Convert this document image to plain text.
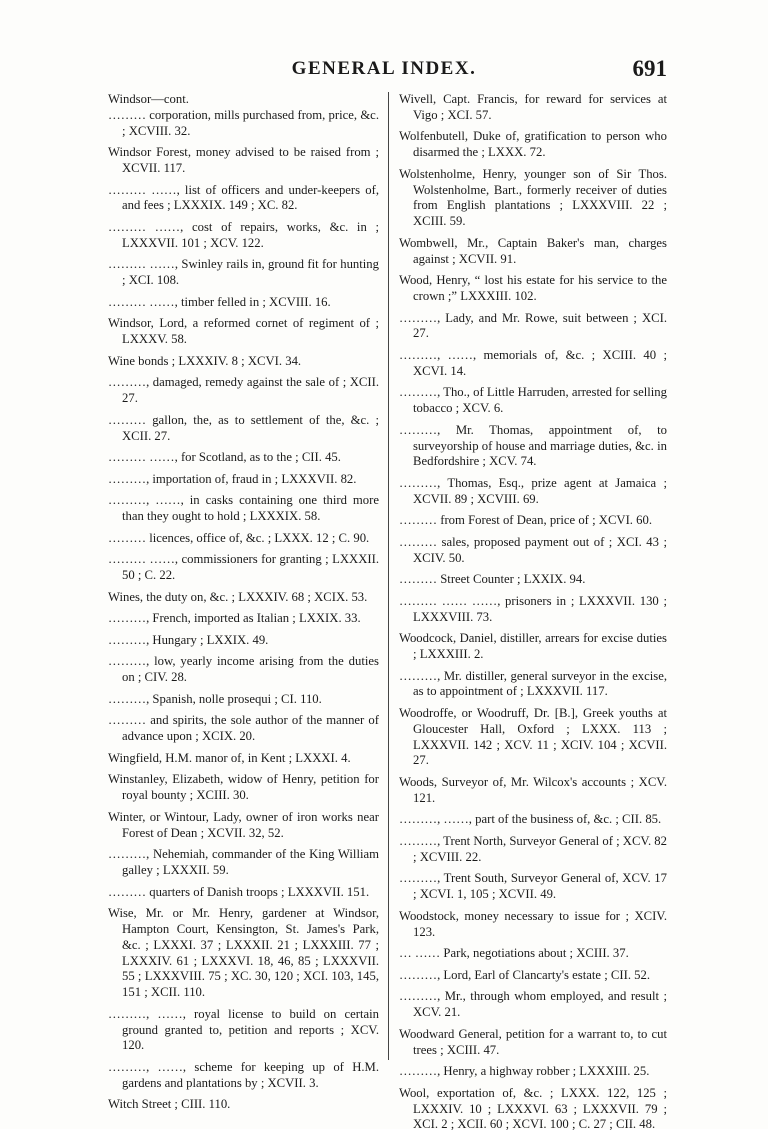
GENERAL INDEX.	691

Windsor—cont.

……… corporation, mills purchased from, price, &c. ; XCVIII. 32.

Windsor Forest, money advised to be raised from ; XCVII. 117.

……… ……, list of officers and under-keepers of, and fees ; LXXXIX. 149 ; XC. 82.

……… ……, cost of repairs, works, &c. in ; LXXXVII. 101 ; XCV. 122.

……… ……, Swinley rails in, ground fit for hunting ; XCI. 108.

……… ……, timber felled in ; XCVIII. 16.

Windsor, Lord, a reformed cornet of regiment of ; LXXXV. 58.

Wine bonds ; LXXXIV. 8 ; XCVI. 34.

………, damaged, remedy against the sale of ; XCII. 27.

……… gallon, the, as to settlement of the, &c. ; XCII. 27.

……… ……, for Scotland, as to the ; CII. 45.

………, importation of, fraud in ; LXXXVII. 82.

………, ……, in casks containing one third more than they ought to hold ; LXXXIX. 58.

……… licences, office of, &c. ; LXXX. 12 ; C. 90.

……… ……, commissioners for granting ; LXXXII. 50 ; C. 22.

Wines, the duty on, &c. ; LXXXIV. 68 ; XCIX. 53.

………, French, imported as Italian ; LXXIX. 33.

………, Hungary ; LXXIX. 49.

………, low, yearly income arising from the duties on ; CIV. 28.

………, Spanish, nolle prosequi ; CI. 110.

……… and spirits, the sole author of the manner of advance upon ; XCIX. 20.

Wingfield, H.M. manor of, in Kent ; LXXXI. 4.

Winstanley, Elizabeth, widow of Henry, petition for royal bounty ; XCIII. 30.

Winter, or Wintour, Lady, owner of iron works near Forest of Dean ; XCVII. 32, 52.

………, Nehemiah, commander of the King William galley ; LXXXII. 59.

……… quarters of Danish troops ; LXXXVII. 151.

Wise, Mr. or Mr. Henry, gardener at Windsor, Hampton Court, Kensington, St. James's Park, &c. ; LXXXI. 37 ; LXXXII. 21 ; LXXXIII. 77 ; LXXXIV. 61 ; LXXXVI. 18, 46, 85 ; LXXXVII. 55 ; LXXXVIII. 75 ; XC. 30, 120 ; XCI. 103, 145, 151 ; XCII. 110.

………, ……, royal license to build on certain ground granted to, petition and reports ; XCV. 120.

………, ……, scheme for keeping up of H.M. gardens and plantations by ; XCVII. 3.

Witch Street ; CIII. 110.

Wivell, Capt. Francis, for reward for services at Vigo ; XCI. 57.

Wolfenbutell, Duke of, gratification to person who disarmed the ; LXXX. 72.

Wolstenholme, Henry, younger son of Sir Thos. Wolstenholme, Bart., formerly receiver of duties from English plantations ; LXXXVIII. 22 ; XCIII. 59.

Wombwell, Mr., Captain Baker's man, charges against ; XCVII. 91.

Wood, Henry, “ lost his estate for his service to the crown ;” LXXXIII. 102.

………, Lady, and Mr. Rowe, suit between ; XCI. 27.

………, ……, memorials of, &c. ; XCIII. 40 ; XCVI. 14.

………, Tho., of Little Harruden, arrested for selling tobacco ; XCV. 6.

………, Mr. Thomas, appointment of, to surveyorship of house and marriage duties, &c. in Bedfordshire ; XCV. 74.

………, Thomas, Esq., prize agent at Jamaica ; XCVII. 89 ; XCVIII. 69.

……… from Forest of Dean, price of ; XCVI. 60.

……… sales, proposed payment out of ; XCI. 43 ; XCIV. 50.

……… Street Counter ; LXXIX. 94.

……… …… ……, prisoners in ; LXXXVII. 130 ; LXXXVIII. 73.

Woodcock, Daniel, distiller, arrears for excise duties ; LXXXIII. 2.

………, Mr. distiller, general surveyor in the excise, as to appointment of ; LXXXVII. 117.

Woodroffe, or Woodruff, Dr. [B.], Greek youths at Gloucester Hall, Oxford ; LXXX. 113 ; LXXXVII. 142 ; XCV. 11 ; XCIV. 104 ; XCVII. 27.

Woods, Surveyor of, Mr. Wilcox's accounts ; XCV. 121.

………, ……, part of the business of, &c. ; CII. 85.

………, Trent North, Surveyor General of ; XCV. 82 ; XCVIII. 22.

………, Trent South, Surveyor General of, XCV. 17 ; XCVI. 1, 105 ; XCVII. 49.

Woodstock, money necessary to issue for ; XCIV. 123.

… …… Park, negotiations about ; XCIII. 37.

………, Lord, Earl of Clancarty's estate ; CII. 52.

………, Mr., through whom employed, and result ; XCV. 21.

Woodward General, petition for a warrant to, to cut trees ; XCIII. 47.

………, Henry, a highway robber ; LXXXIII. 25.

Wool, exportation of, &c. ; LXXX. 122, 125 ; LXXXIV. 10 ; LXXXVI. 63 ; LXXXVII. 79 ; XCI. 2 ; XCII. 60 ; XCVI. 100 ; C. 27 ; CII. 48.
